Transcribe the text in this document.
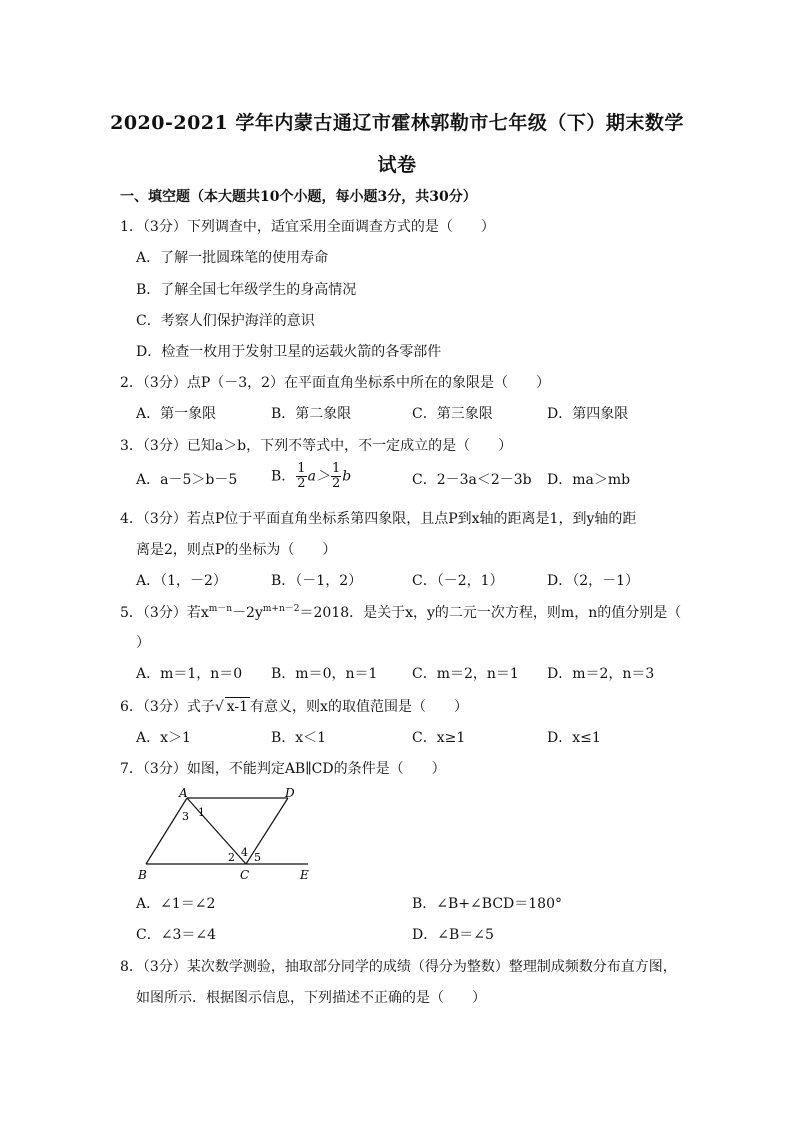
2020-2021 学年内蒙古通辽市霍林郭勒市七年级（下）期末数学
试卷
一、填空题（本大题共10个小题，每小题3分，共30分）
1．（3分）下列调查中，适宜采用全面调查方式的是（　　）
A．了解一批圆珠笔的使用寿命
B．了解全国七年级学生的身高情况
C．考察人们保护海洋的意识
D．检查一枚用于发射卫星的运载火箭的各零部件
2．（3分）点P（－3，2）在平面直角坐标系中所在的象限是（　　）
A．第一象限	B．第二象限	C．第三象限	D．第四象限
3．（3分）已知a＞b，下列不等式中，不一定成立的是（　　）
A．a－5＞b－5 B． $\frac{1}{2} a> \frac{1}{2}$ b	C．2－3a＜2－3b D．ma＞mb
4．（3分）若点P位于平面直角坐标系第四象限，且点P到x轴的距离是1，到y轴的距
离是2，则点P的坐标为（　　）
A．（1，－2）	B．（－1，2）	C．（－2，1）	D．（2，－1）
5．（3分）若$x^{m-n}-2y^{m+n-2}=2018$．是关于x，y的二元一次方程，则m，n的值分别是（
）
A．m＝1，n＝0 B．m＝0，n＝1 C．m＝2，n＝1 D．m＝2，n＝3
6．（3分）式子√ x-1 有意义，则x的取值范围是（　　）
A．x＞1	B．x＜1	C．x≥1	D．x≤1
7．（3分）如图，不能判定AB∥CD的条件是（　　）
A	D
B	C	E
1
3
2 4 5
A．∠1＝∠2	B．∠B+∠BCD＝180°
C．∠3＝∠4	D．∠B＝∠5
8．（3分）某次数学测验，抽取部分同学的成绩（得分为整数）整理制成频数分布直方图，
如图所示．根据图示信息，下列描述不正确的是（　　）
